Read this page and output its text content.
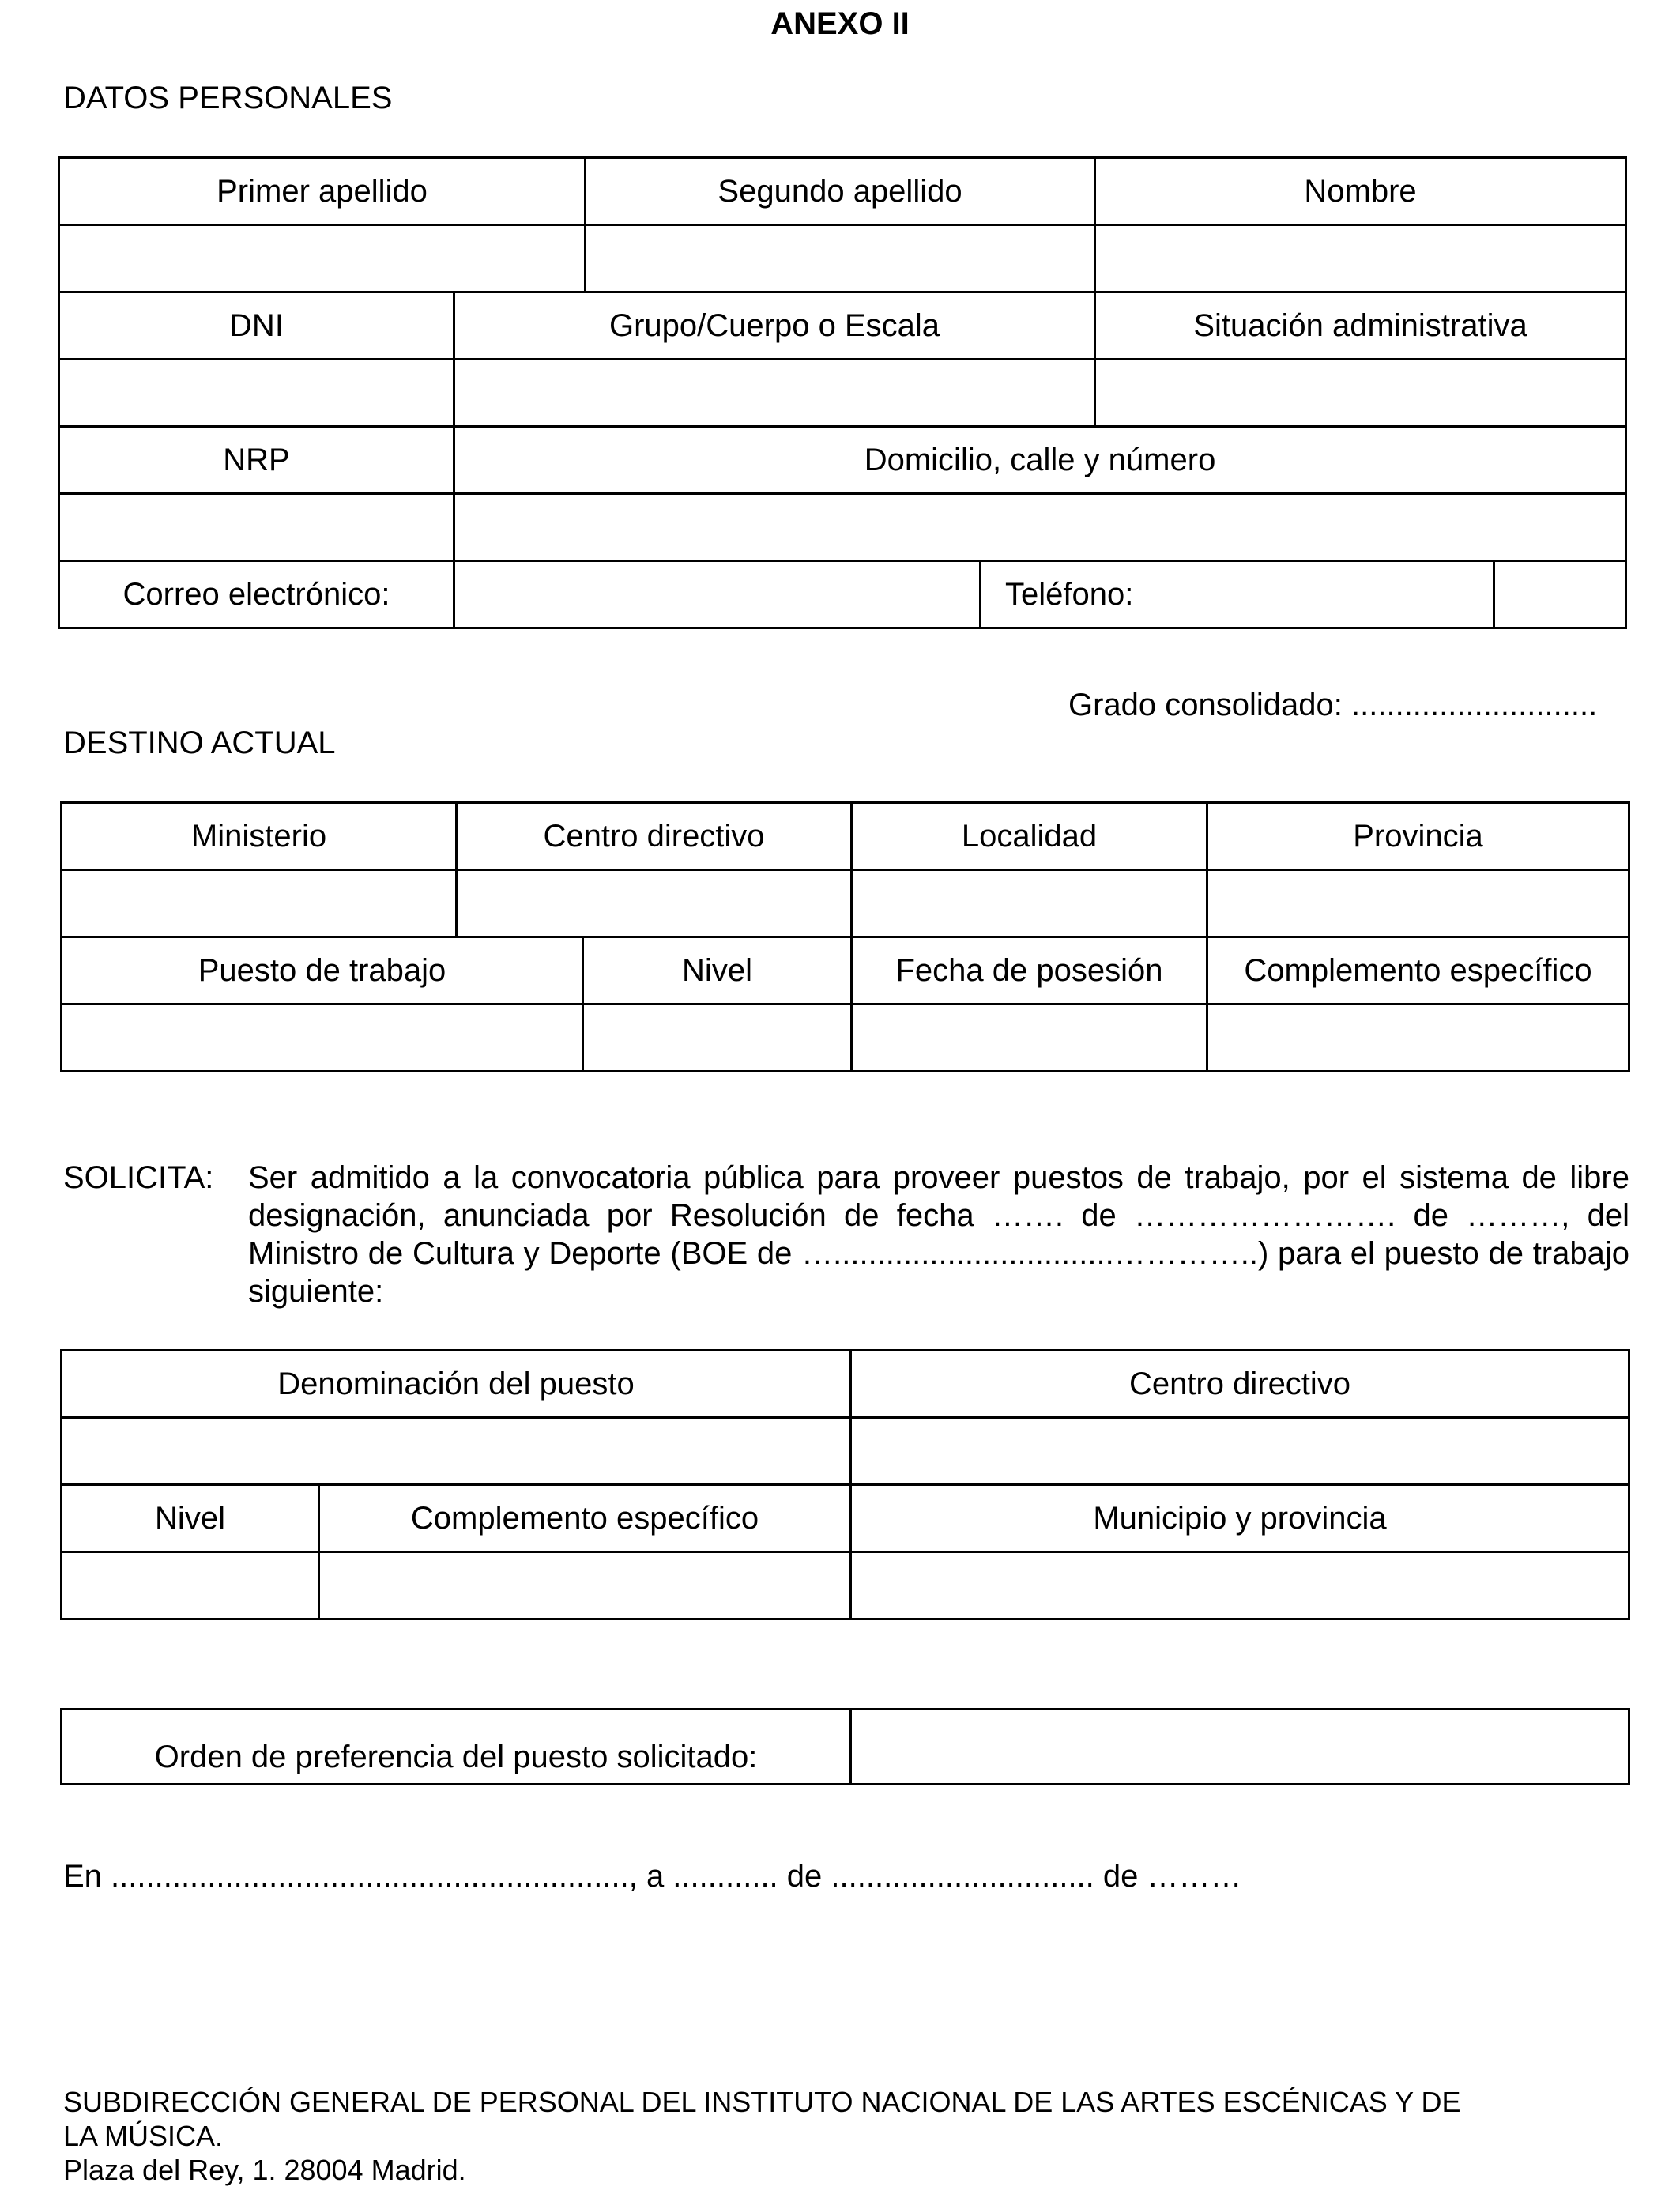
ANEXO II
DATOS PERSONALES
Primer apellido		Segundo apellido		Nombre	

DNI	Grupo/Cuerpo o Escala			Situación administrativa	

NRP	Domicilio, calle y número				

Correo electrónico:			Teléfono:		
Grado consolidado: ............................
DESTINO ACTUAL
Ministerio	Centro directivo		Localidad	Provincia

Puesto de trabajo		Nivel	Fecha de posesión	Complemento específico

SOLICITA: Ser admitido a la convocatoria pública para proveer puestos de trabajo, por el sistema de libre designación, anunciada por Resolución de fecha ……. de ……………………. de ………, del Ministro de Cultura y Deporte (BOE de …................................…………..) para el puesto de trabajo siguiente:
Denominación del puesto		Centro directivo

Nivel	Complemento específico	Municipio y provincia

Orden de preferencia del puesto solicitado:	
En ..........................................................., a ............ de .............................. de ………
SUBDIRECCIÓN GENERAL DE PERSONAL DEL INSTITUTO NACIONAL DE LAS ARTES ESCÉNICAS Y DE
LA MÚSICA.
Plaza del Rey, 1. 28004 Madrid.
